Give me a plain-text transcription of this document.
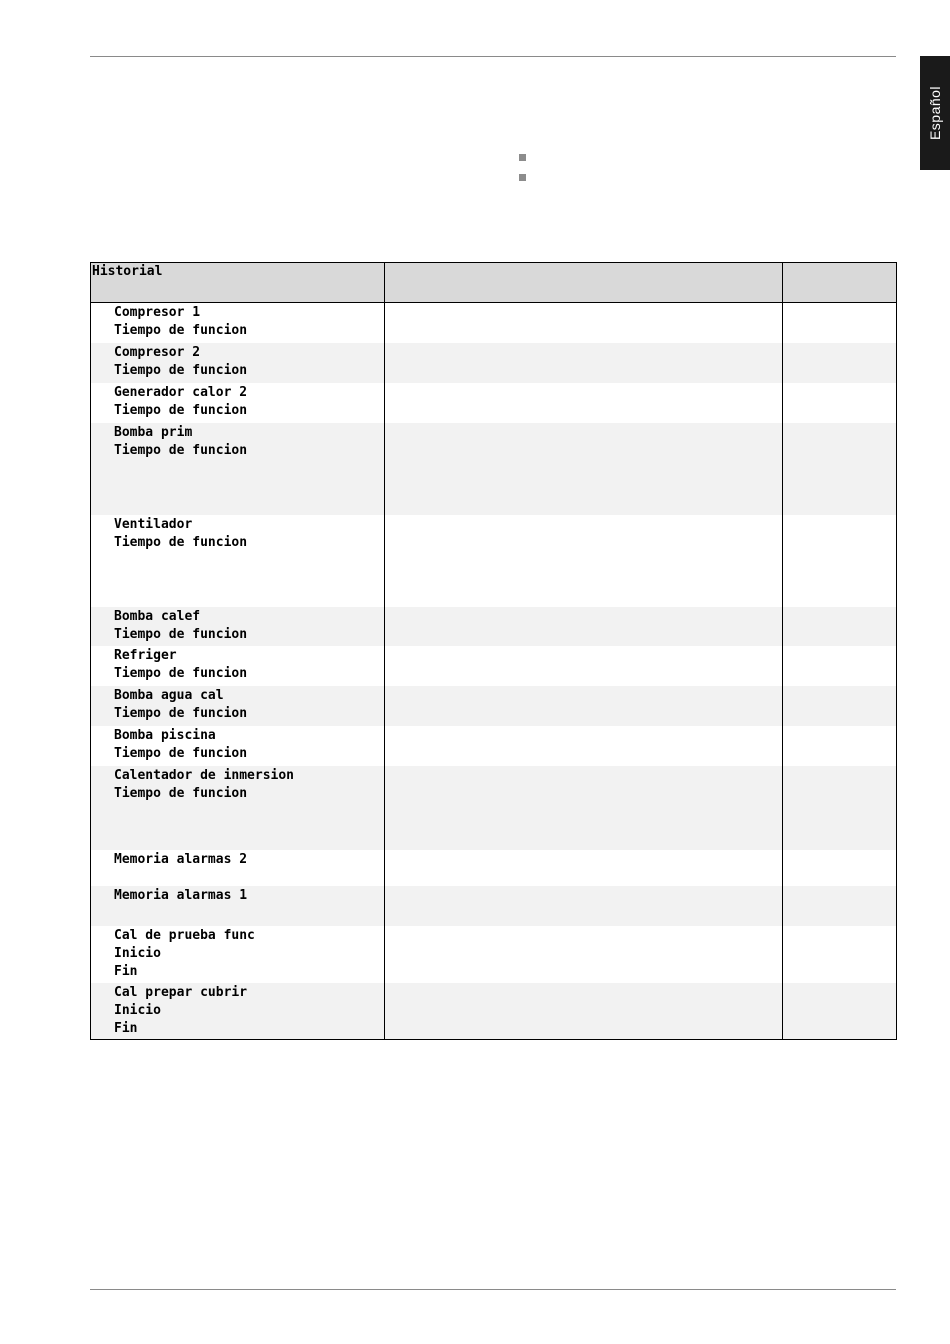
Español
Historial		

Compresor 1
Tiempo de funcion		

Compresor 2
Tiempo de funcion		

Generador calor 2
Tiempo de funcion		

Bomba prim
Tiempo de funcion		

Ventilador
Tiempo de funcion		

Bomba calef
Tiempo de funcion		

Refriger
Tiempo de funcion		

Bomba agua cal
Tiempo de funcion		

Bomba piscina
Tiempo de funcion		

Calentador de inmersion
Tiempo de funcion		

Memoria alarmas 2		

Memoria alarmas 1		

Cal de prueba func
Inicio
Fin		

Cal prepar cubrir
Inicio
Fin		
